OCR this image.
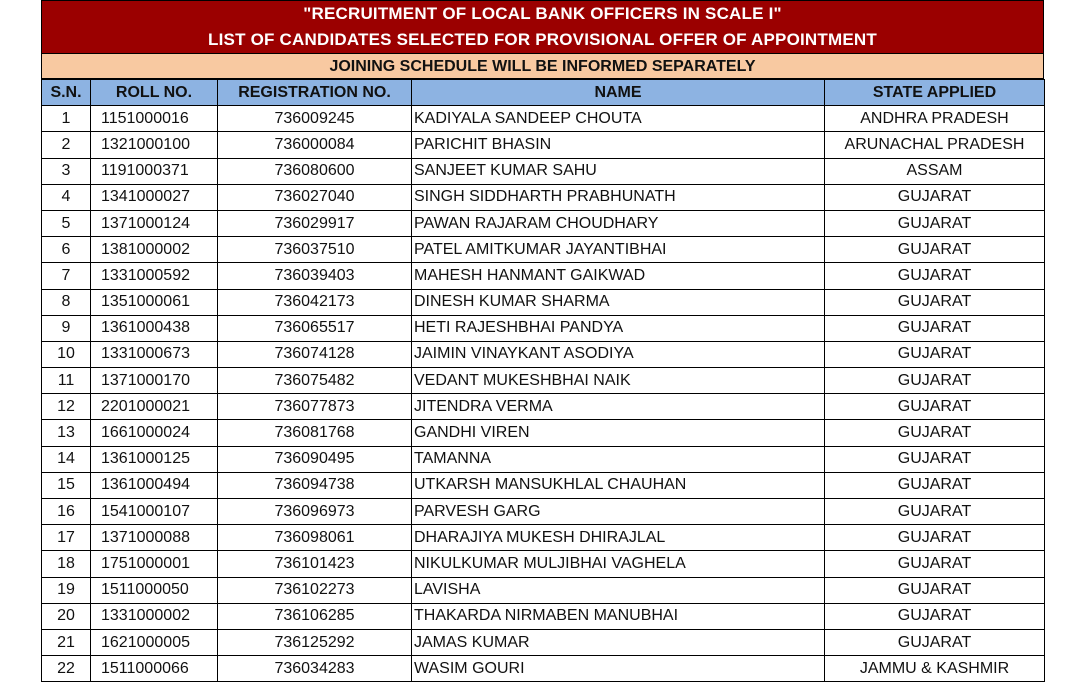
"RECRUITMENT OF LOCAL BANK OFFICERS IN SCALE I"
LIST OF CANDIDATES SELECTED FOR PROVISIONAL OFFER OF APPOINTMENT
JOINING SCHEDULE WILL BE INFORMED SEPARATELY
S.N.	ROLL NO.	REGISTRATION NO.	NAME	STATE APPLIED
1	1151000016	736009245	KADIYALA SANDEEP CHOUTA	ANDHRA PRADESH
2	1321000100	736000084	PARICHIT BHASIN	ARUNACHAL PRADESH
3	1191000371	736080600	SANJEET KUMAR SAHU	ASSAM
4	1341000027	736027040	SINGH SIDDHARTH PRABHUNATH	GUJARAT
5	1371000124	736029917	PAWAN RAJARAM CHOUDHARY	GUJARAT
6	1381000002	736037510	PATEL AMITKUMAR JAYANTIBHAI	GUJARAT
7	1331000592	736039403	MAHESH HANMANT GAIKWAD	GUJARAT
8	1351000061	736042173	DINESH KUMAR SHARMA	GUJARAT
9	1361000438	736065517	HETI RAJESHBHAI PANDYA	GUJARAT
10	1331000673	736074128	JAIMIN VINAYKANT ASODIYA	GUJARAT
11	1371000170	736075482	VEDANT MUKESHBHAI NAIK	GUJARAT
12	2201000021	736077873	JITENDRA VERMA	GUJARAT
13	1661000024	736081768	GANDHI VIREN	GUJARAT
14	1361000125	736090495	TAMANNA	GUJARAT
15	1361000494	736094738	UTKARSH MANSUKHLAL CHAUHAN	GUJARAT
16	1541000107	736096973	PARVESH GARG	GUJARAT
17	1371000088	736098061	DHARAJIYA MUKESH DHIRAJLAL	GUJARAT
18	1751000001	736101423	NIKULKUMAR MULJIBHAI VAGHELA	GUJARAT
19	1511000050	736102273	LAVISHA	GUJARAT
20	1331000002	736106285	THAKARDA NIRMABEN MANUBHAI	GUJARAT
21	1621000005	736125292	JAMAS KUMAR	GUJARAT
22	1511000066	736034283	WASIM GOURI	JAMMU & KASHMIR
